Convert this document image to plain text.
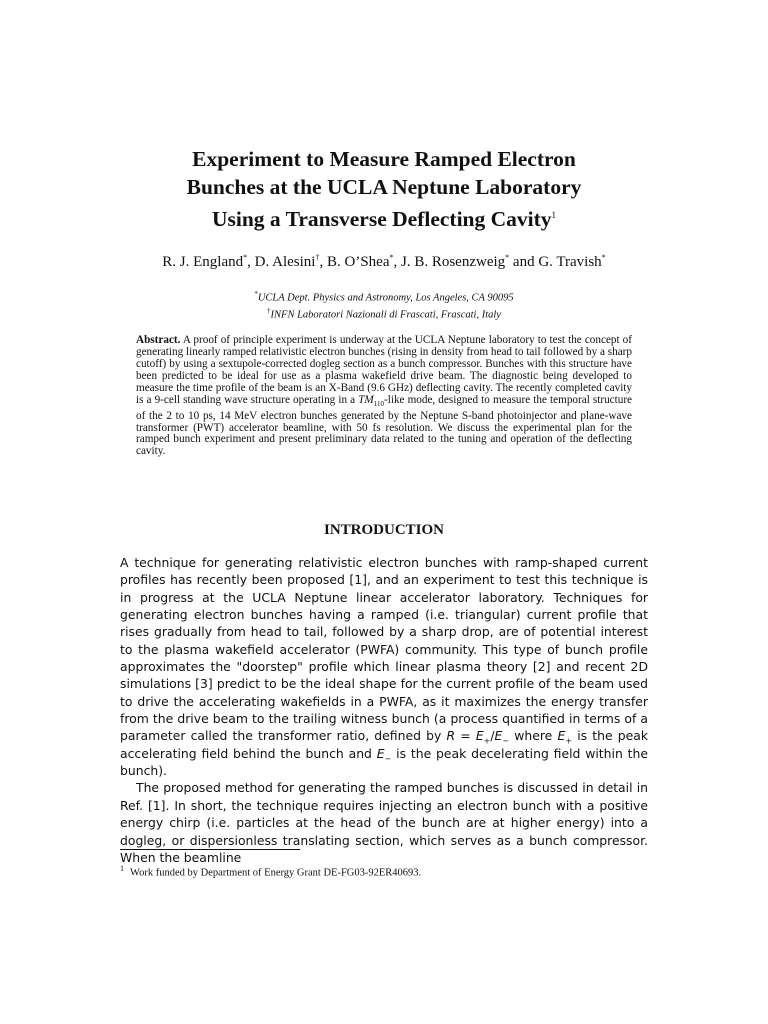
Experiment to Measure Ramped Electron
Bunches at the UCLA Neptune Laboratory
Using a Transverse Deflecting Cavity$^1$

R. J. England*, D. Alesini†, B. O’Shea*, J. B. Rosenzweig* and G. Travish*

*UCLA Dept. Physics and Astronomy, Los Angeles, CA 90095
†INFN Laboratori Nazionali di Frascati, Frascati, Italy

Abstract. A proof of principle experiment is underway at the UCLA Neptune laboratory to test the concept of generating linearly ramped relativistic electron bunches (rising in density from head to tail followed by a sharp cutoff) by using a sextupole-corrected dogleg section as a bunch compressor. Bunches with this structure have been predicted to be ideal for use as a plasma wakefield drive beam. The diagnostic being developed to measure the time profile of the beam is an X-Band (9.6 GHz) deflecting cavity. The recently completed cavity is a 9-cell standing wave structure operating in a $TM_{110}$-like mode, designed to measure the temporal structure of the 2 to 10 ps, 14 MeV electron bunches generated by the Neptune S-band photoinjector and plane-wave transformer (PWT) accelerator beamline, with 50 fs resolution. We discuss the experimental plan for the ramped bunch experiment and present preliminary data related to the tuning and operation of the deflecting cavity.

INTRODUCTION

A technique for generating relativistic electron bunches with ramp-shaped current profiles has recently been proposed [1], and an experiment to test this technique is in progress at the UCLA Neptune linear accelerator laboratory. Techniques for generating electron bunches having a ramped (i.e. triangular) current profile that rises gradually from head to tail, followed by a sharp drop, are of potential interest to the plasma wakefield accelerator (PWFA) community. This type of bunch profile approximates the "doorstep" profile which linear plasma theory [2] and recent 2D simulations [3] predict to be the ideal shape for the current profile of the beam used to drive the accelerating wakefields in a PWFA, as it maximizes the energy transfer from the drive beam to the trailing witness bunch (a process quantified in terms of a parameter called the transformer ratio, defined by $R = E_+/E_-$ where $E_+$ is the peak accelerating field behind the bunch and $E_-$ is the peak decelerating field within the bunch).

The proposed method for generating the ramped bunches is discussed in detail in Ref. [1]. In short, the technique requires injecting an electron bunch with a positive energy chirp (i.e. particles at the head of the bunch are at higher energy) into a dogleg, or dispersionless translating section, which serves as a bunch compressor. When the beamline

$^1$ Work funded by Department of Energy Grant DE-FG03-92ER40693.
